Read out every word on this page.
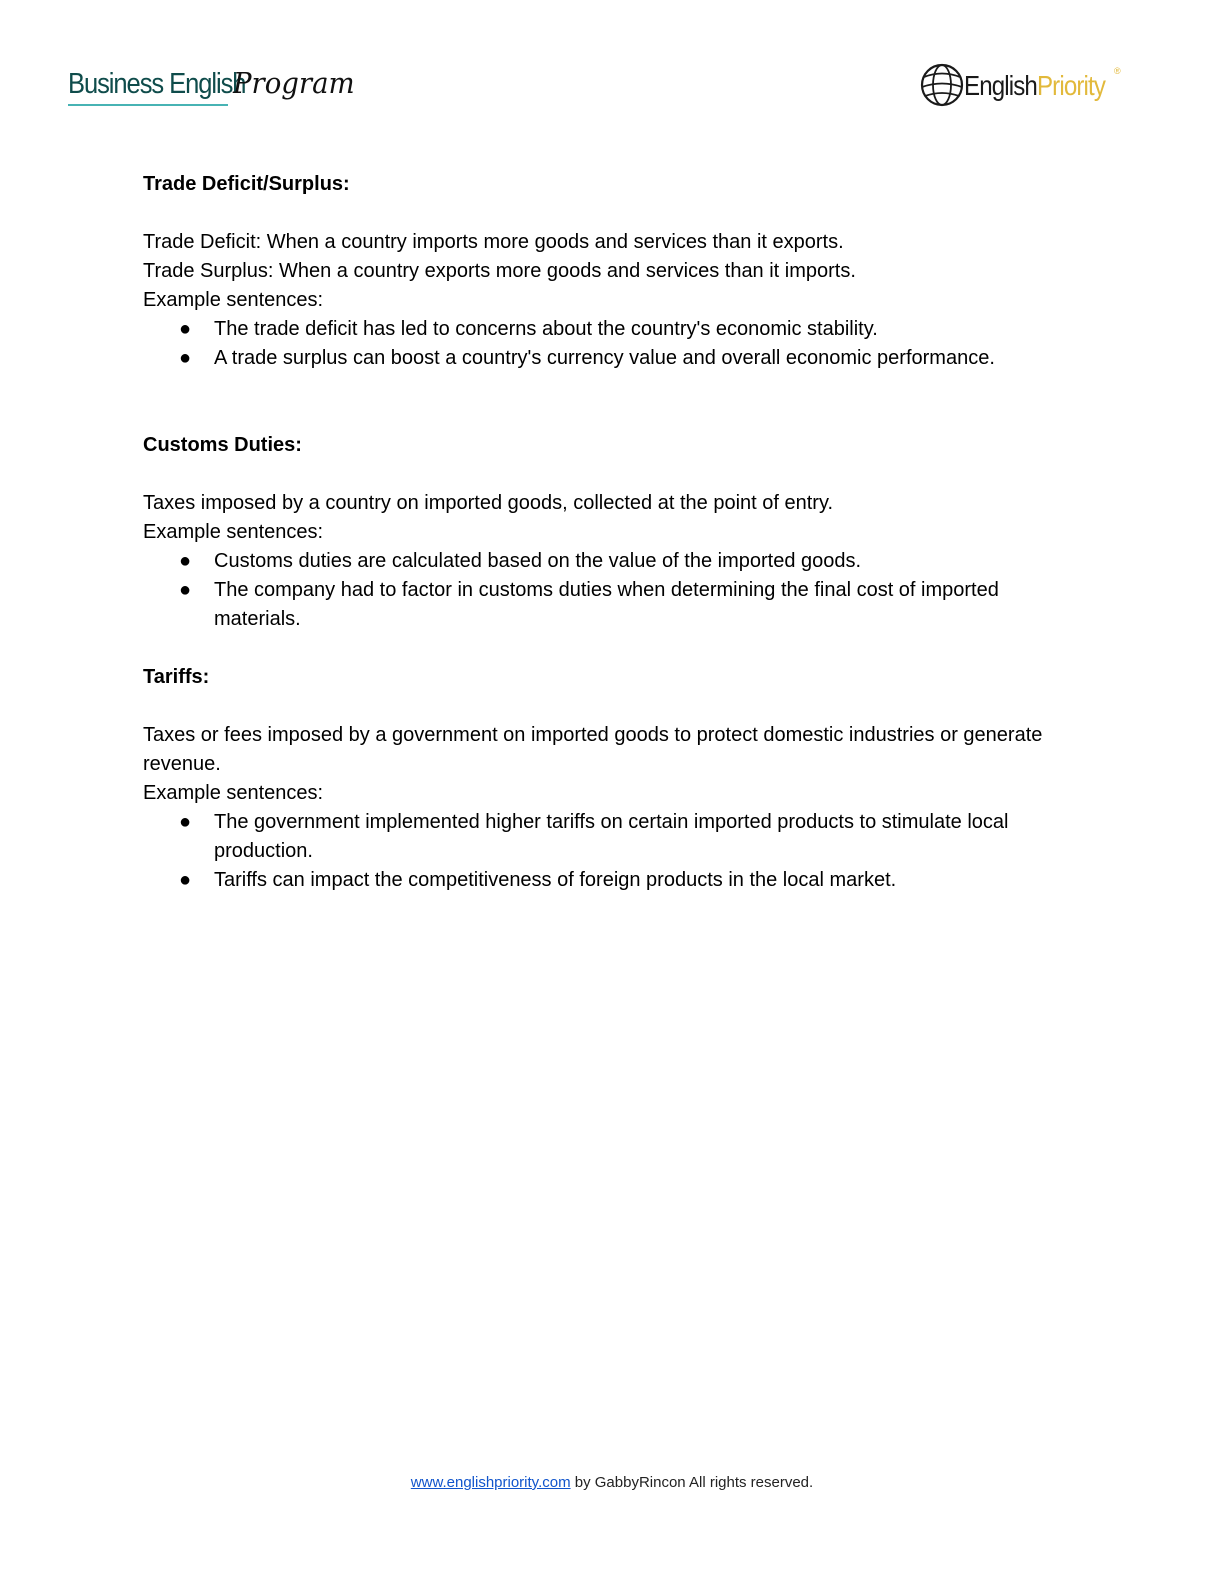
Business English
Program	EnglishPriority ®

Trade Deficit/Surplus:

Trade Deficit: When a country imports more goods and services than it exports.

Trade Surplus: When a country exports more goods and services than it imports.

Example sentences:

● The trade deficit has led to concerns about the country's economic stability.
● A trade surplus can boost a country's currency value and overall economic performance.

Customs Duties:

Taxes imposed by a country on imported goods, collected at the point of entry.

Example sentences:

● Customs duties are calculated based on the value of the imported goods.
● The company had to factor in customs duties when determining the final cost of imported materials.

Tariffs:

Taxes or fees imposed by a government on imported goods to protect domestic industries or generate revenue.

Example sentences:

● The government implemented higher tariffs on certain imported products to stimulate local production.
● Tariffs can impact the competitiveness of foreign products in the local market.
www.englishpriority.com by GabbyRincon All rights reserved.
